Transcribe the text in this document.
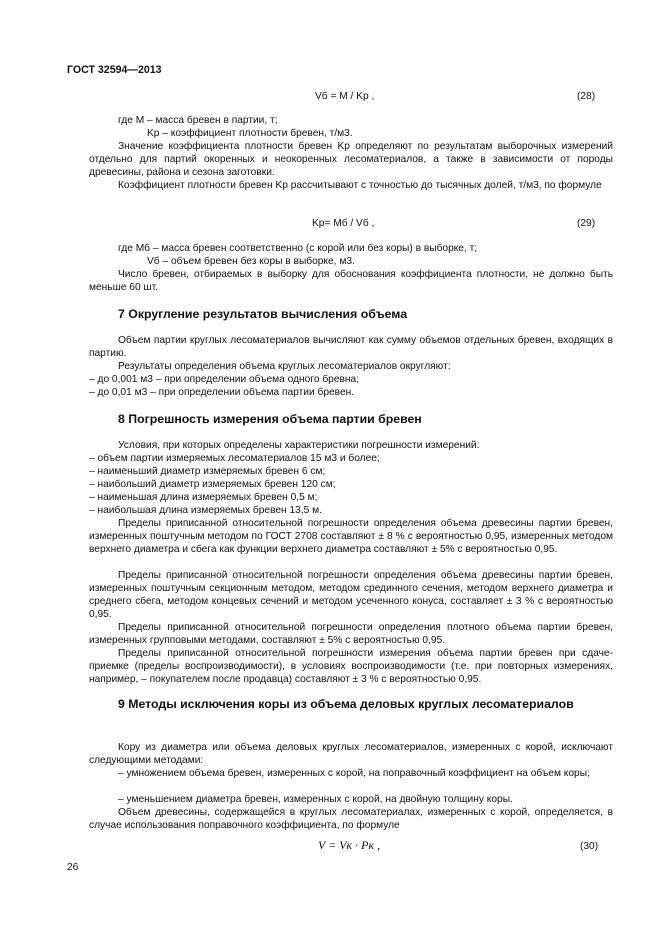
ГОСТ 32594—2013
Vб = M / Kр ,	(28)
где M – масса бревен в партии, т;
Kр – коэффициент плотности бревен, т/м3.
Значение коэффициента плотности бревен Kр определяют по результатам выборочных измерений отдельно для партий окоренных и неокоренных лесоматериалов, а также в зависимости от породы древесины, района и сезона заготовки.
Коэффициент плотности бревен Kр рассчитывают с точностью до тысячных долей, т/м3, по формуле
Kр= Mб / Vб ,	(29)
где Mб – масса бревен соответственно (с корой или без коры) в выборке, т;
Vб – объем бревен без коры в выборке, м3.
Число бревен, отбираемых в выборку для обоснования коэффициента плотности, не должно быть меньше 60 шт.
7 Округление результатов вычисления объема
Объем партии круглых лесоматериалов вычисляют как сумму объемов отдельных бревен, входящих в партию.
Результаты определения объема круглых лесоматериалов округляют:
– до 0,001 м3 – при определении объема одного бревна;
– до 0,01 м3 – при определении объема партии бревен.
8 Погрешность измерения объема партии бревен
Условия, при которых определены характеристики погрешности измерений:
– объем партии измеряемых лесоматериалов 15 м3 и более;
– наименьший диаметр измеряемых бревен 6 см;
– наибольший диаметр измеряемых бревен 120 см;
– наименьшая длина измеряемых бревен 0,5 м;
– наибольшая длина измеряемых бревен 13,5 м.
Пределы приписанной относительной погрешности определения объема древесины партии бревен, измеренных поштучным методом по ГОСТ 2708 составляют ± 8 % с вероятностью 0,95, измеренных методом верхнего диаметра и сбега как функции верхнего диаметра составляют ± 5% с вероятностью 0,95.
Пределы приписанной относительной погрешности определения объема древесины партии бревен, измеренных поштучным секционным методом, методом срединного сечения, методом верхнего диаметра и среднего сбега, методом концевых сечений и методом усеченного конуса, составляет ± 3 % с вероятностью 0,95.
Пределы приписанной относительной погрешности определения плотного объема партии бревен, измеренных групповыми методами, составляют ± 5% с вероятностью 0,95.
Пределы приписанной относительной погрешности измерения объема партии бревен при сдаче-приемке (пределы воспроизводимости), в условиях воспроизводимости (т.е. при повторных измерениях, например, – покупателем после продавца) составляют ± 3 % с вероятностью 0,95.
9 Методы исключения коры из объема деловых круглых лесоматериалов
Кору из диаметра или объема деловых круглых лесоматериалов, измеренных с корой, исключают следующими методами:
– умножением объема бревен, измеренных с корой, на поправочный коэффициент на объем коры;
– уменьшением диаметра бревен, измеренных с корой, на двойную толщину коры.
Объем древесины, содержащейся в круглых лесоматериалах, измеренных с корой, определяется, в случае использования поправочного коэффициента, по формуле
V = Vк · Pк ,	(30)
26
